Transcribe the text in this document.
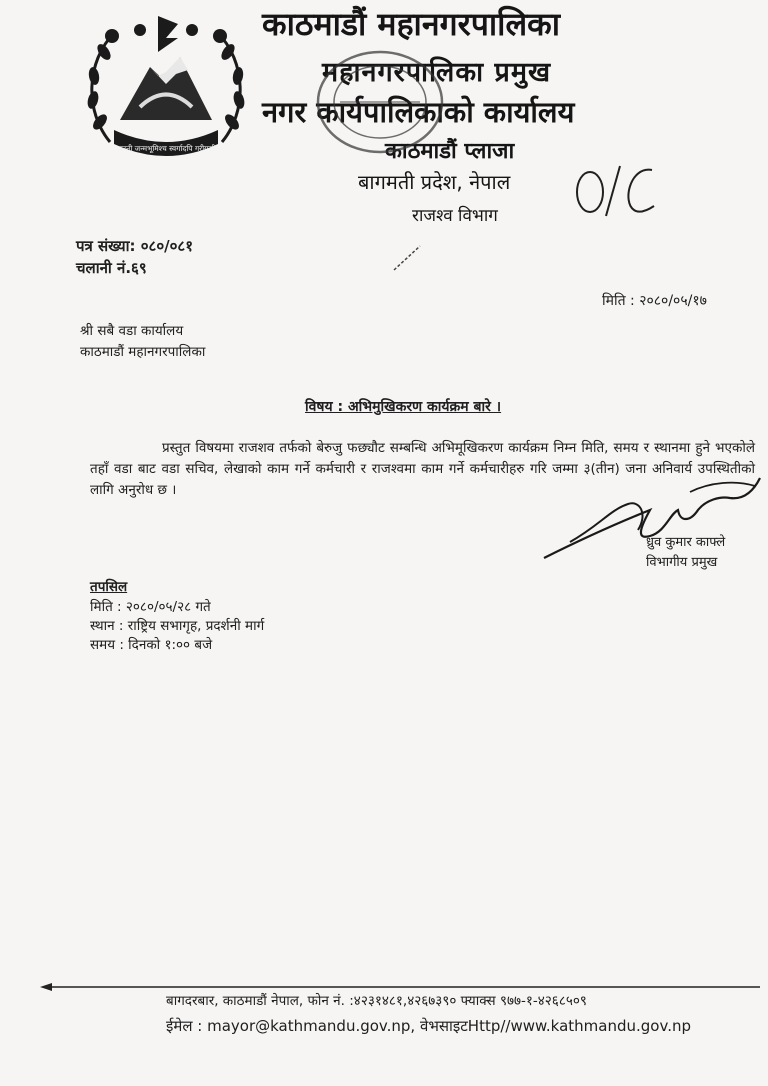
जननी जन्मभूमिश्च स्वर्गादपि गरीयसी
काठमाडौं महानगरपालिका
महानगरपालिका प्रमुख
नगर कार्यपालिकाको कार्यालय
काठमाडौं प्लाजा
बागमती प्रदेश, नेपाल
राजश्व विभाग
पत्र संख्या: ०८०/०८१
चलानी नं.६९
मिति : २०८०/०५/१७
श्री सबै वडा कार्यालय
काठमाडौं महानगरपालिका
विषय : अभिमुखिकरण कार्यक्रम बारे ।

प्रस्तुत विषयमा राजशव तर्फको बेरुजु फछ्यौट सम्बन्धि अभिमूखिकरण कार्यक्रम निम्न मिति, समय र स्थानमा हुने भएकोले तहाँ वडा बाट वडा सचिव, लेखाको काम गर्ने कर्मचारी र राजश्वमा काम गर्ने कर्मचारीहरु गरि जम्मा ३(तीन) जना अनिवार्य उपस्थितीको लागि अनुरोध छ ।

ध्रुव कुमार काफ्ले
विभागीय प्रमुख
तपसिल
मिति : २०८०/०५/२८ गते
स्थान : राष्ट्रिय सभागृह, प्रदर्शनी मार्ग
समय : दिनको १:०० बजे
बागदरबार, काठमाडौं नेपाल, फोन नं. :४२३१४८१,४२६७३९० फ्याक्स ९७७-१-४२६८५०९
ईमेल : mayor@kathmandu.gov.np, वेभसाइटHttp//www.kathmandu.gov.np
